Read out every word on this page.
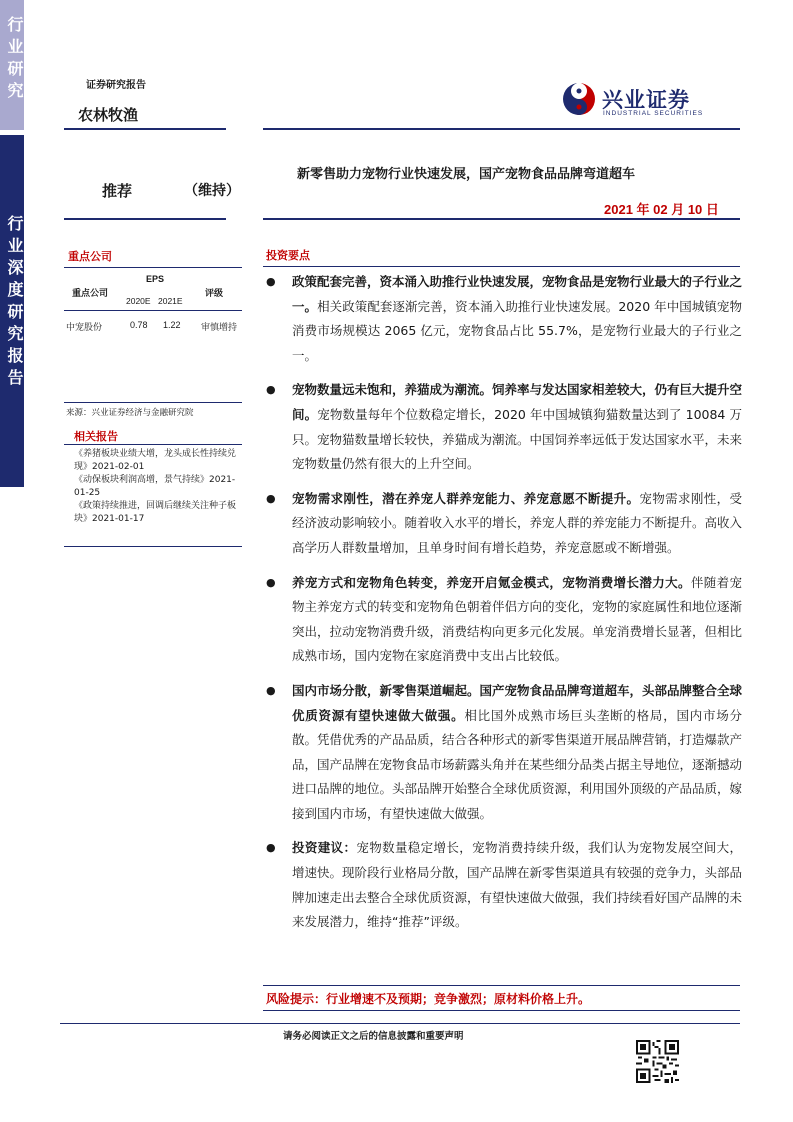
行业研究
行业深度研究报告
证券研究报告
农林牧渔
兴业证券
INDUSTRIAL SECURITIES
推荐	（维持）
新零售助力宠物行业快速发展，国产宠物食品品牌弯道超车
2021 年 02 月 10 日
重点公司
EPS
重点公司	评级
2020E 2021E
中宠股份	0.78 1.22 审慎增持
来源：兴业证券经济与金融研究院
相关报告
《养猪板块业绩大增，龙头成长性持续兑现》2021-02-01
《动保板块利润高增，景气持续》2021-01-25
《政策持续推进，回调后继续关注种子板块》2021-01-17
投资要点
● 政策配套完善，资本涌入助推行业快速发展，宠物食品是宠物行业最大的子行业之一。相关政策配套逐渐完善，资本涌入助推行业快速发展。2020 年中国城镇宠物消费市场规模达 2065 亿元，宠物食品占比 55.7%，是宠物行业最大的子行业之一。
● 宠物数量远未饱和，养猫成为潮流。饲养率与发达国家相差较大，仍有巨大提升空间。宠物数量每年个位数稳定增长，2020 年中国城镇狗猫数量达到了 10084 万只。宠物猫数量增长较快，养猫成为潮流。中国饲养率远低于发达国家水平，未来宠物数量仍然有很大的上升空间。
● 宠物需求刚性，潜在养宠人群养宠能力、养宠意愿不断提升。宠物需求刚性，受经济波动影响较小。随着收入水平的增长，养宠人群的养宠能力不断提升。高收入高学历人群数量增加，且单身时间有增长趋势，养宠意愿或不断增强。
● 养宠方式和宠物角色转变，养宠开启氪金模式，宠物消费增长潜力大。伴随着宠物主养宠方式的转变和宠物角色朝着伴侣方向的变化，宠物的家庭属性和地位逐渐突出，拉动宠物消费升级，消费结构向更多元化发展。单宠消费增长显著，但相比成熟市场，国内宠物在家庭消费中支出占比较低。
● 国内市场分散，新零售渠道崛起。国产宠物食品品牌弯道超车，头部品牌整合全球优质资源有望快速做大做强。相比国外成熟市场巨头垄断的格局，国内市场分散。凭借优秀的产品品质，结合各种形式的新零售渠道开展品牌营销，打造爆款产品，国产品牌在宠物食品市场薪露头角并在某些细分品类占据主导地位，逐渐撼动进口品牌的地位。头部品牌开始整合全球优质资源，利用国外顶级的产品品质，嫁接到国内市场，有望快速做大做强。
● 投资建议：宠物数量稳定增长，宠物消费持续升级，我们认为宠物发展空间大，增速快。现阶段行业格局分散，国产品牌在新零售渠道具有较强的竞争力，头部品牌加速走出去整合全球优质资源，有望快速做大做强，我们持续看好国产品牌的未来发展潜力，维持“推荐”评级。
风险提示：行业增速不及预期；竞争激烈；原材料价格上升。
请务必阅读正文之后的信息披露和重要声明
